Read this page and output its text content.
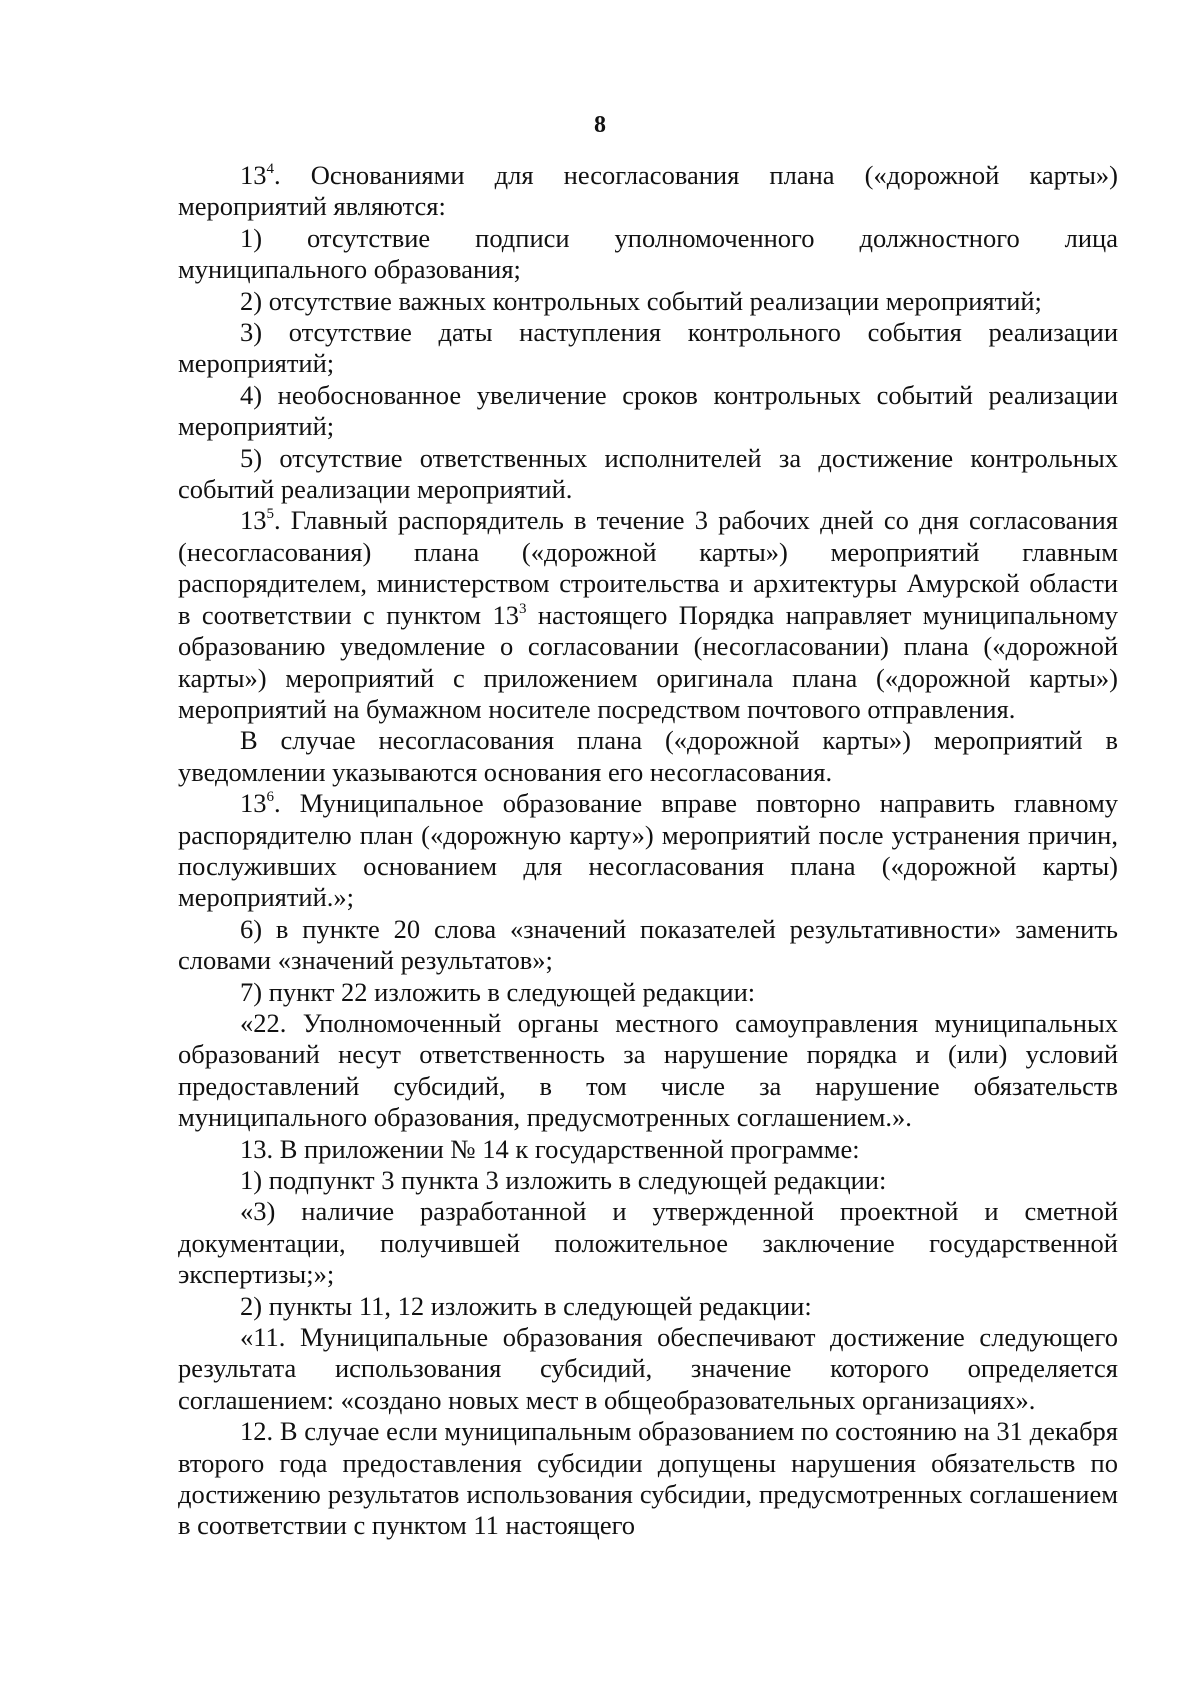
8

$13^4$. Основаниями для несогласования плана («дорожной карты») мероприятий являются:

1) отсутствие подписи уполномоченного должностного лица муниципального образования;

2) отсутствие важных контрольных событий реализации мероприятий;

3) отсутствие даты наступления контрольного события реализации мероприятий;

4) необоснованное увеличение сроков контрольных событий реализации мероприятий;

5) отсутствие ответственных исполнителей за достижение контрольных событий реализации мероприятий.

$13^5$. Главный распорядитель в течение 3 рабочих дней со дня согласования (несогласования) плана («дорожной карты») мероприятий главным распорядителем, министерством строительства и архитектуры Амурской области в соответствии с пунктом $13^3$ настоящего Порядка направляет муниципальному образованию уведомление о согласовании (несогласовании) плана («дорожной карты») мероприятий с приложением оригинала плана («дорожной карты») мероприятий на бумажном носителе посредством почтового отправления.

В случае несогласования плана («дорожной карты») мероприятий в уведомлении указываются основания его несогласования.

$13^6$. Муниципальное образование вправе повторно направить главному распорядителю план («дорожную карту») мероприятий после устранения причин, послуживших основанием для несогласования плана («дорожной карты) мероприятий.»;

6) в пункте 20 слова «значений показателей результативности» заменить словами «значений результатов»;

7) пункт 22 изложить в следующей редакции:

«22. Уполномоченный органы местного самоуправления муниципальных образований несут ответственность за нарушение порядка и (или) условий предоставлений субсидий, в том числе за нарушение обязательств муниципального образования, предусмотренных соглашением.».

13. В приложении № 14 к государственной программе:

1) подпункт 3 пункта 3 изложить в следующей редакции:

«3) наличие разработанной и утвержденной проектной и сметной документации, получившей положительное заключение государственной экспертизы;»;

2) пункты 11, 12 изложить в следующей редакции:

«11. Муниципальные образования обеспечивают достижение следующего результата использования субсидий, значение которого определяется соглашением: «создано новых мест в общеобразовательных организациях».

12. В случае если муниципальным образованием по состоянию на 31 декабря второго года предоставления субсидии допущены нарушения обязательств по достижению результатов использования субсидии, предусмотренных соглашением в соответствии с пунктом 11 настоящего
